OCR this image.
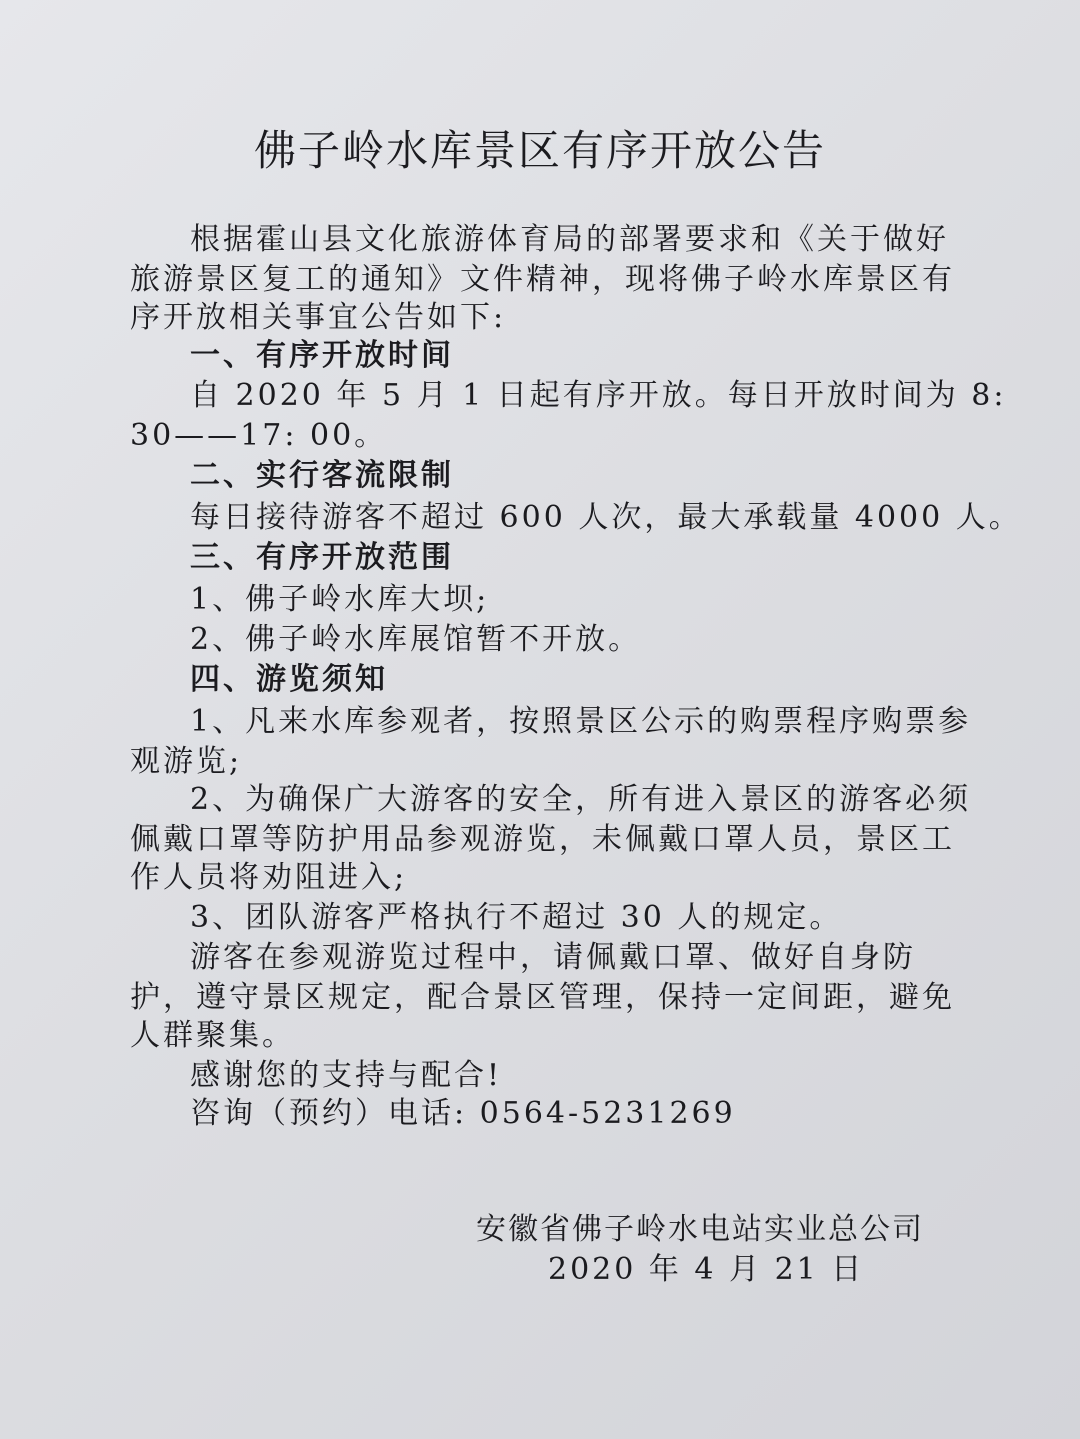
佛子岭水库景区有序开放公告
根据霍山县文化旅游体育局的部署要求和《关于做好
旅游景区复工的通知》文件精神，现将佛子岭水库景区有
序开放相关事宜公告如下:
一、有序开放时间
自 2020 年 5 月 1 日起有序开放。每日开放时间为 8:
30——17: 00。
二、实行客流限制
每日接待游客不超过 600 人次，最大承载量 4000 人。
三、有序开放范围
1、佛子岭水库大坝;
2、佛子岭水库展馆暂不开放。
四、游览须知
1、凡来水库参观者，按照景区公示的购票程序购票参
观游览;
2、为确保广大游客的安全，所有进入景区的游客必须
佩戴口罩等防护用品参观游览，未佩戴口罩人员，景区工
作人员将劝阻进入;
3、团队游客严格执行不超过 30 人的规定。
游客在参观游览过程中，请佩戴口罩、做好自身防
护，遵守景区规定，配合景区管理，保持一定间距，避免
人群聚集。
感谢您的支持与配合!
咨询（预约）电话: 0564-5231269
安徽省佛子岭水电站实业总公司
2020 年 4 月 21 日
